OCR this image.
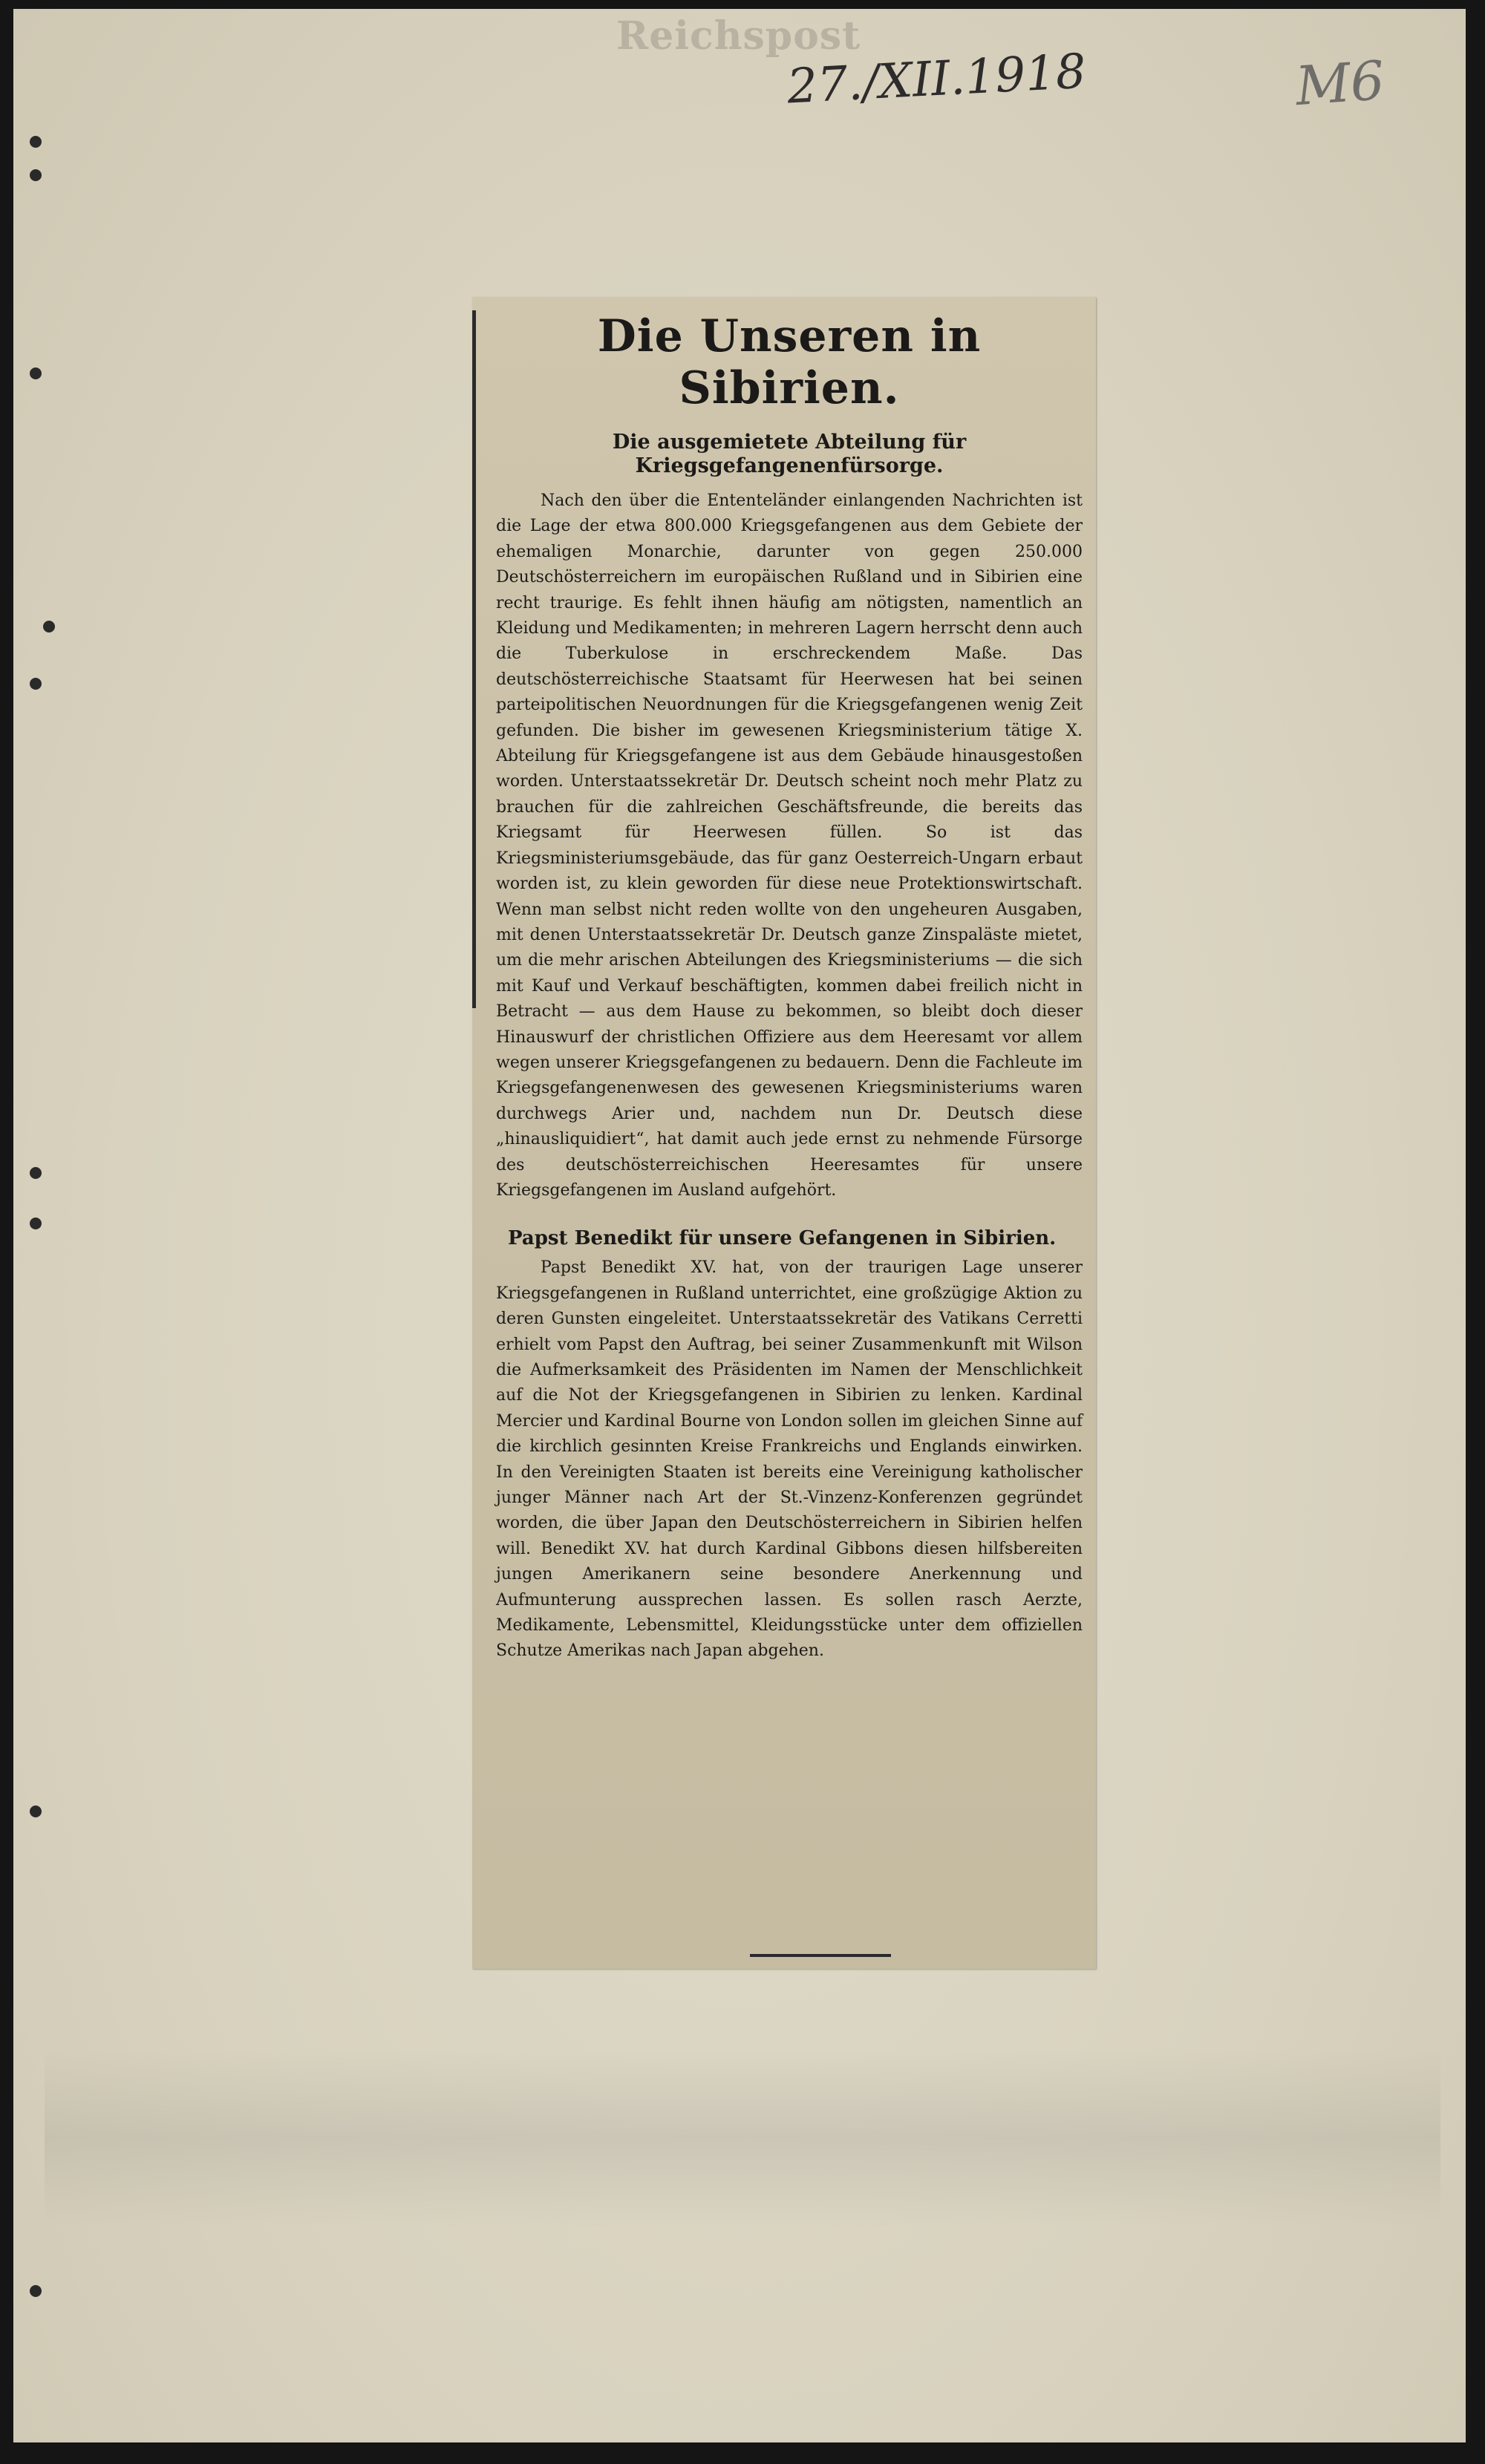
Reichspost
27./XII.1918	M6
Die Unseren in Sibirien.
Die ausgemietete Abteilung für Kriegsgefangenenfürsorge.

Nach den über die Ententeländer einlangenden Nachrichten ist die Lage der etwa 800.000 Kriegsgefangenen aus dem Gebiete der ehemaligen Monarchie, darunter von gegen 250.000 Deutschösterreichern im europäischen Rußland und in Sibirien eine recht traurige. Es fehlt ihnen häufig am nötigsten, namentlich an Kleidung und Medikamenten; in mehreren Lagern herrscht denn auch die Tuberkulose in erschreckendem Maße. Das deutschösterreichische Staatsamt für Heerwesen hat bei seinen parteipolitischen Neuordnungen für die Kriegsgefangenen wenig Zeit gefunden. Die bisher im gewesenen Kriegsministerium tätige X. Abteilung für Kriegsgefangene ist aus dem Gebäude hinausgestoßen worden. Unterstaatssekretär Dr. Deutsch scheint noch mehr Platz zu brauchen für die zahlreichen Geschäftsfreunde, die bereits das Kriegsamt für Heerwesen füllen. So ist das Kriegsministeriumsgebäude, das für ganz Oesterreich-Ungarn erbaut worden ist, zu klein geworden für diese neue Protektionswirtschaft. Wenn man selbst nicht reden wollte von den ungeheuren Ausgaben, mit denen Unterstaatssekretär Dr. Deutsch ganze Zinspaläste mietet, um die mehr arischen Abteilungen des Kriegsministeriums — die sich mit Kauf und Verkauf beschäftigten, kommen dabei freilich nicht in Betracht — aus dem Hause zu bekommen, so bleibt doch dieser Hinauswurf der christlichen Offiziere aus dem Heeresamt vor allem wegen unserer Kriegsgefangenen zu bedauern. Denn die Fachleute im Kriegsgefangenenwesen des gewesenen Kriegsministeriums waren durchwegs Arier und, nachdem nun Dr. Deutsch diese „hinausliquidiert“, hat damit auch jede ernst zu nehmende Fürsorge des deutschösterreichischen Heeresamtes für unsere Kriegsgefangenen im Ausland aufgehört.

Papst Benedikt für unsere Gefangenen in Sibirien.

Papst Benedikt XV. hat, von der traurigen Lage unserer Kriegsgefangenen in Rußland unterrichtet, eine großzügige Aktion zu deren Gunsten eingeleitet. Unterstaatssekretär des Vatikans Cerretti erhielt vom Papst den Auftrag, bei seiner Zusammenkunft mit Wilson die Aufmerksamkeit des Präsidenten im Namen der Menschlichkeit auf die Not der Kriegsgefangenen in Sibirien zu lenken. Kardinal Mercier und Kardinal Bourne von London sollen im gleichen Sinne auf die kirchlich gesinnten Kreise Frankreichs und Englands einwirken. In den Vereinigten Staaten ist bereits eine Vereinigung katholischer junger Männer nach Art der St.-Vinzenz-Konferenzen gegründet worden, die über Japan den Deutschösterreichern in Sibirien helfen will. Benedikt XV. hat durch Kardinal Gibbons diesen hilfsbereiten jungen Amerikanern seine besondere Anerkennung und Aufmunterung aussprechen lassen. Es sollen rasch Aerzte, Medikamente, Lebensmittel, Kleidungsstücke unter dem offiziellen Schutze Amerikas nach Japan abgehen.
